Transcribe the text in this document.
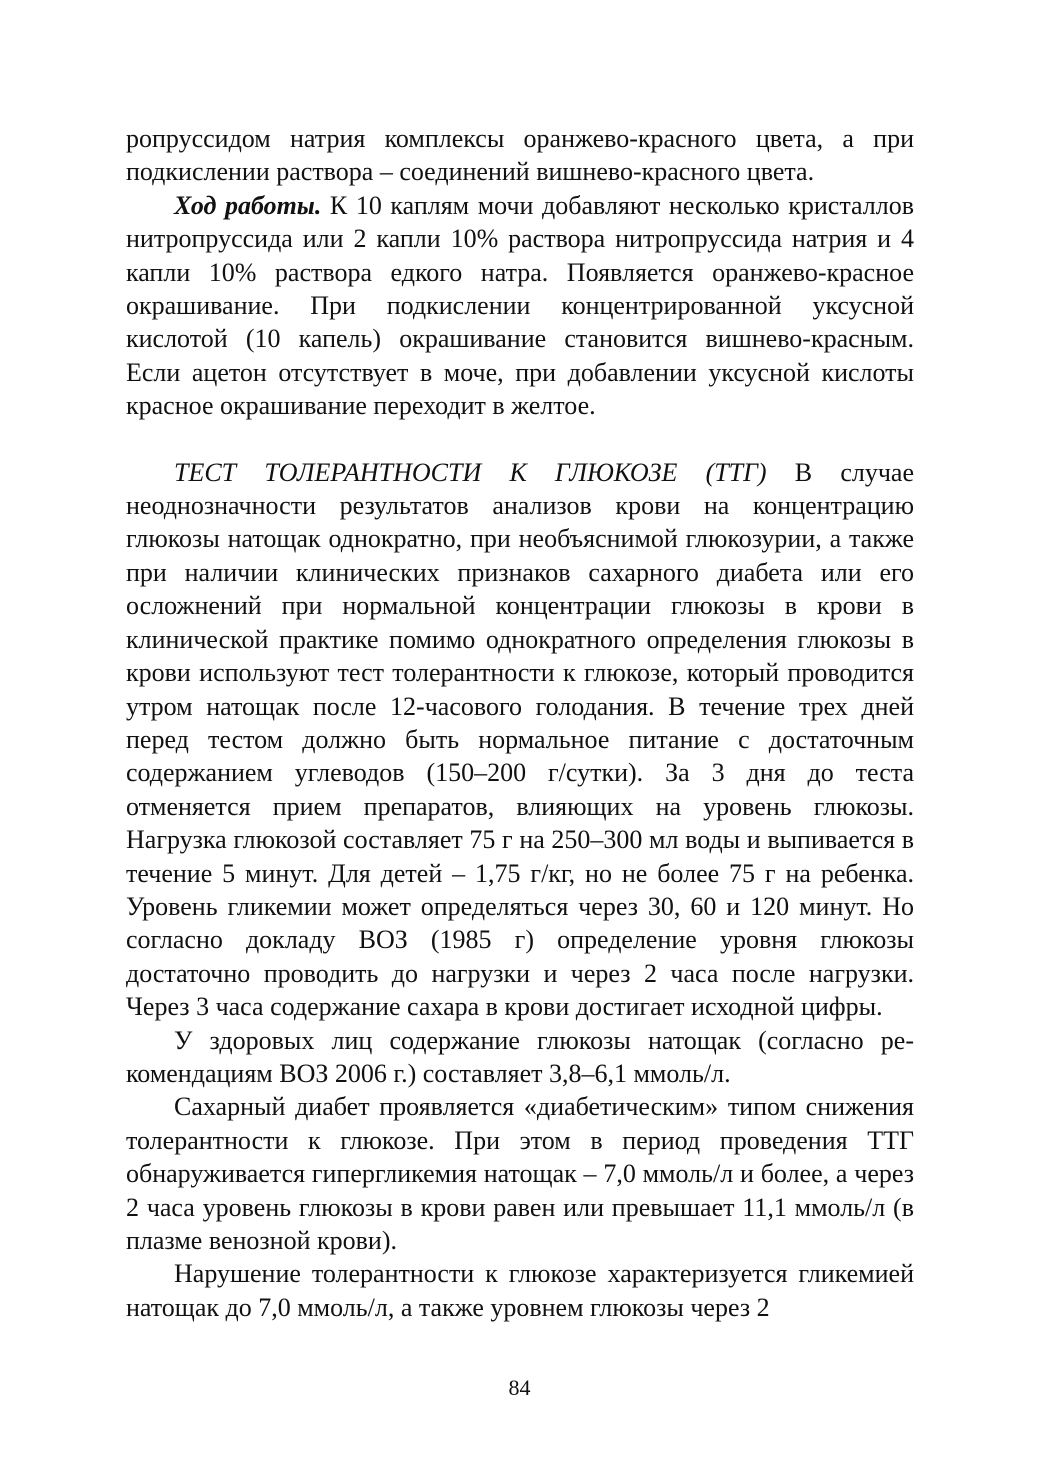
ропруссидом натрия комплексы оранжево-красного цвета, а при подкислении раствора – соединений вишнево-красного цвета.

Ход работы. К 10 каплям мочи добавляют несколько кристаллов нитропруссида или 2 капли 10% раствора нитропруссида натрия и 4 капли 10% раствора едкого натра. Появляется оранжево-красное окрашивание. При подкислении концентрированной уксусной кислотой (10 капель) окрашивание становится вишнево-красным. Если ацетон отсутствует в моче, при добавлении уксусной кислоты красное окрашивание переходит в желтое.

ТЕСТ ТОЛЕРАНТНОСТИ К ГЛЮКОЗЕ (ТТГ) В случае неоднозначности результатов анализов крови на концентрацию глюкозы натощак однократно, при необъяснимой глюкозурии, а также при наличии клинических признаков сахарного диабета или его осложнений при нормальной концентрации глюкозы в крови в клинической практике помимо однократного определения глюкозы в крови используют тест толерантности к глюкозе, который проводится утром натощак после 12-часового голодания. В течение трех дней перед тестом должно быть нормальное питание с достаточным содержанием углеводов (150–200 г/сутки). За 3 дня до теста отменяется прием препаратов, влияющих на уровень глюкозы. Нагрузка глюкозой составляет 75 г на 250–300 мл воды и выпивается в течение 5 минут. Для детей – 1,75 г/кг, но не более 75 г на ребенка. Уровень гликемии может определяться через 30, 60 и 120 минут. Но согласно докладу ВОЗ (1985 г) определение уровня глюкозы достаточно проводить до нагрузки и через 2 часа после нагрузки. Через 3 часа содержание сахара в крови достигает исходной цифры.

У здоровых лиц содержание глюкозы натощак (согласно рекомендациям ВОЗ 2006 г.) составляет 3,8–6,1 ммоль/л.

Сахарный диабет проявляется «диабетическим» типом снижения толерантности к глюкозе. При этом в период проведения ТТГ обнаруживается гипергликемия натощак – 7,0 ммоль/л и более, а через 2 часа уровень глюкозы в крови равен или превышает 11,1 ммоль/л (в плазме венозной крови).

Нарушение толерантности к глюкозе характеризуется гликемией натощак до 7,0 ммоль/л, а также уровнем глюкозы через 2

84
